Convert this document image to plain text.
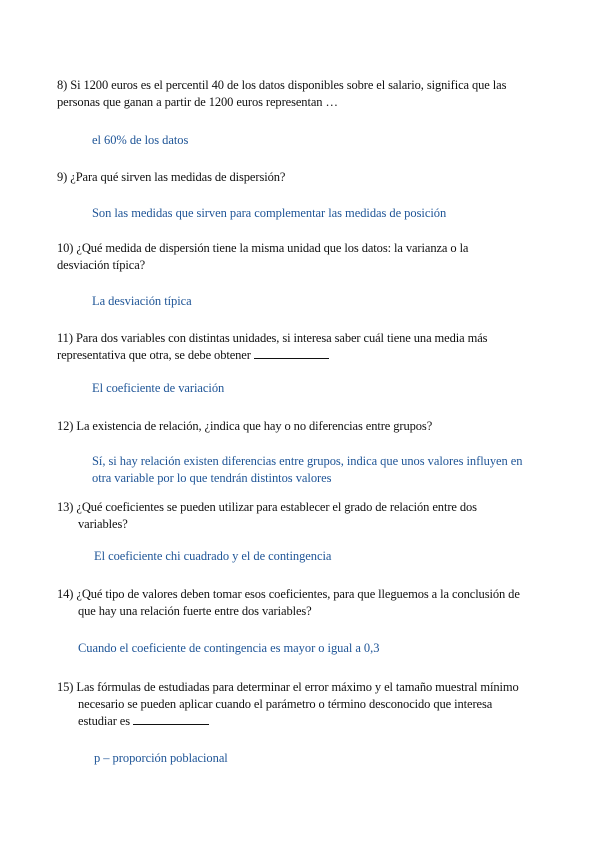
8) Si 1200 euros es el percentil 40 de los datos disponibles sobre el salario, significa que las
personas que ganan a partir de 1200 euros representan …

el 60% de los datos

9) ¿Para qué sirven las medidas de dispersión?

Son las medidas que sirven para complementar las medidas de posición

10) ¿Qué medida de dispersión tiene la misma unidad que los datos: la varianza o la
desviación típica?

La desviación típica

11) Para dos variables con distintas unidades, si interesa saber cuál tiene una media más
representativa que otra, se debe obtener

El coeficiente de variación

12) La existencia de relación, ¿indica que hay o no diferencias entre grupos?

Sí, si hay relación existen diferencias entre grupos, indica que unos valores influyen en
otra variable por lo que tendrán distintos valores

13) ¿Qué coeficientes se pueden utilizar para establecer el grado de relación entre dos
variables?

El coeficiente chi cuadrado y el de contingencia

14) ¿Qué tipo de valores deben tomar esos coeficientes, para que lleguemos a la conclusión de
que hay una relación fuerte entre dos variables?

Cuando el coeficiente de contingencia es mayor o igual a 0,3

15) Las fórmulas de estudiadas para determinar el error máximo y el tamaño muestral mínimo
necesario se pueden aplicar cuando el parámetro o término desconocido que interesa
estudiar es

p – proporción poblacional
